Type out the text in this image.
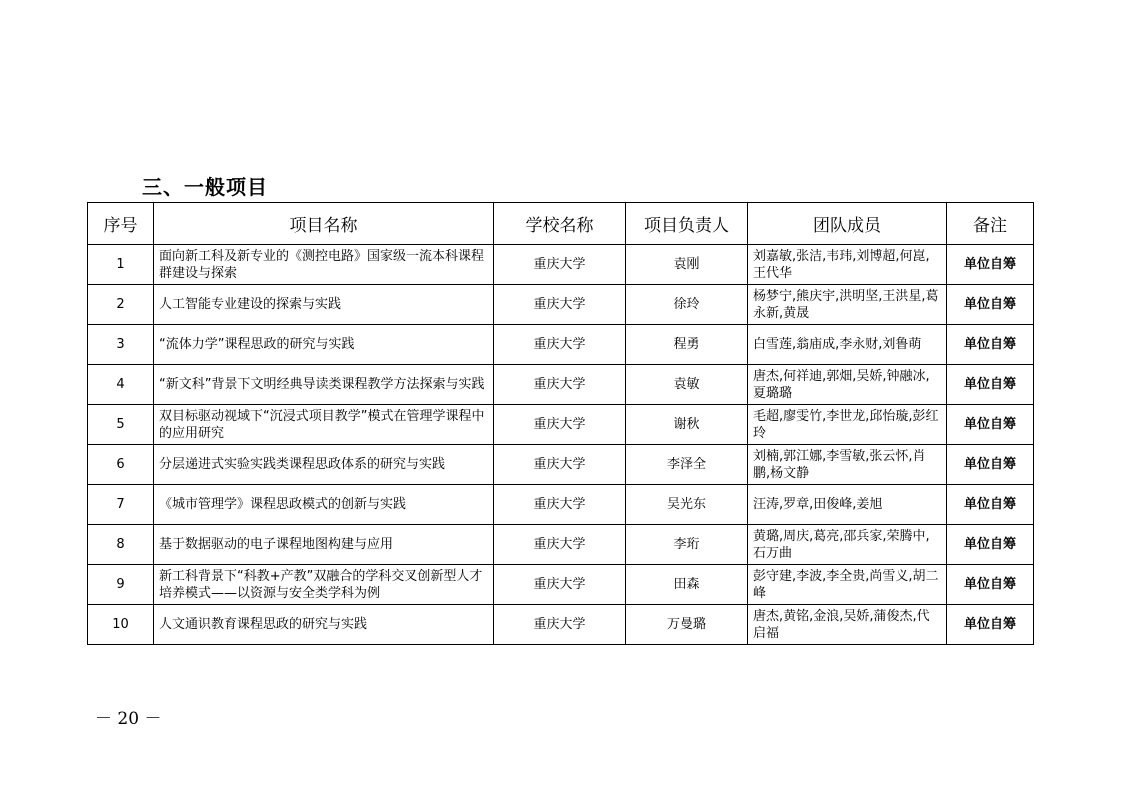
三、一般项目
序号	项目名称	学校名称	项目负责人	团队成员	备注
1	面向新工科及新专业的《测控电路》国家级一流本科课程群建设与探索	重庆大学	袁刚	刘嘉敏,张洁,韦玮,刘博超,何崑,王代华	单位自筹
2	人工智能专业建设的探索与实践	重庆大学	徐玲	杨梦宁,熊庆宇,洪明坚,王洪星,葛永新,黄晟	单位自筹
3	“流体力学”课程思政的研究与实践	重庆大学	程勇	白雪莲,翁庙成,李永财,刘鲁萌	单位自筹
4	“新文科”背景下文明经典导读类课程教学方法探索与实践	重庆大学	袁敏	唐杰,何祥迪,郭畑,吴娇,钟融冰,夏璐璐	单位自筹
5	双目标驱动视域下“沉浸式项目教学”模式在管理学课程中的应用研究	重庆大学	谢秋	毛超,廖雯竹,李世龙,邱怡璇,彭红玲	单位自筹
6	分层递进式实验实践类课程思政体系的研究与实践	重庆大学	李泽全	刘楠,郭江娜,李雪敏,张云怀,肖鹏,杨文静	单位自筹
7	《城市管理学》课程思政模式的创新与实践	重庆大学	吴光东	汪涛,罗章,田俊峰,姜旭	单位自筹
8	基于数据驱动的电子课程地图构建与应用	重庆大学	李珩	黄璐,周庆,葛亮,邵兵家,荣腾中,石万曲	单位自筹
9	新工科背景下“科教+产教”双融合的学科交叉创新型人才培养模式——以资源与安全类学科为例	重庆大学	田森	彭守建,李波,李全贵,尚雪义,胡二峰	单位自筹
10	人文通识教育课程思政的研究与实践	重庆大学	万曼璐	唐杰,黄铭,金浪,吴娇,蒲俊杰,代启福	单位自筹
－ 20 －
